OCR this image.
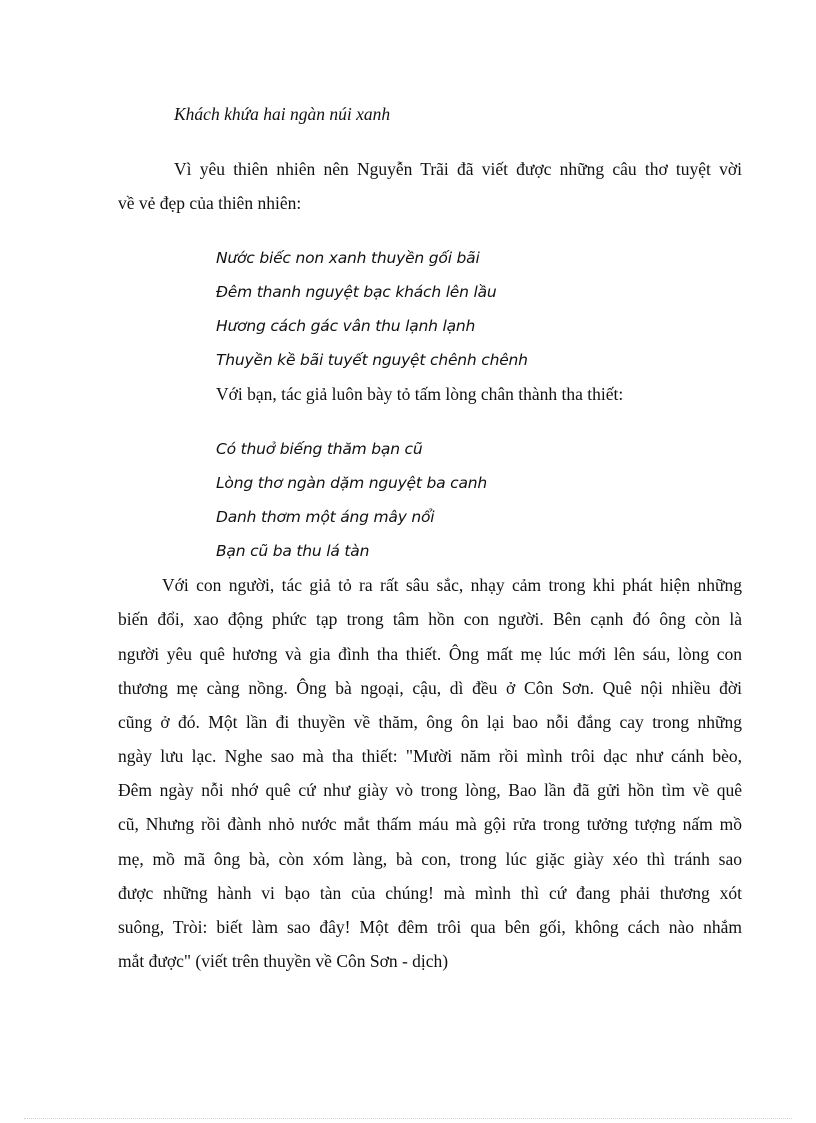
Khách khứa hai ngàn núi xanh
Vì yêu thiên nhiên nên Nguyễn Trãi đã viết được những câu thơ tuyệt vời
về vẻ đẹp của thiên nhiên:
Nước biếc non xanh thuyền gối bãi
Đêm thanh nguyệt bạc khách lên lầu
Hương cách gác vân thu lạnh lạnh
Thuyền kề bãi tuyết nguyệt chênh chênh
Với bạn, tác giả luôn bày tỏ tấm lòng chân thành tha thiết:
Có thuở biếng thăm bạn cũ
Lòng thơ ngàn dặm nguyệt ba canh
Danh thơm một áng mây nổi
Bạn cũ ba thu lá tàn
Với con người, tác giả tỏ ra rất sâu sắc, nhạy cảm trong khi phát hiện những
biến đổi, xao động phức tạp trong tâm hồn con người. Bên cạnh đó ông còn là
người yêu quê hương và gia đình tha thiết. Ông mất mẹ lúc mới lên sáu, lòng con
thương mẹ càng nồng. Ông bà ngoại, cậu, dì đều ở Côn Sơn. Quê nội nhiều đời
cũng ở đó. Một lần đi thuyền về thăm, ông ôn lại bao nỗi đắng cay trong những
ngày lưu lạc. Nghe sao mà tha thiết: "Mười năm rồi mình trôi dạc như cánh bèo,
Đêm ngày nỗi nhớ quê cứ như giày vò trong lòng, Bao lần đã gửi hồn tìm về quê
cũ, Nhưng rồi đành nhỏ nước mắt thấm máu mà gội rửa trong tưởng tượng nấm mồ
mẹ, mồ mã ông bà, còn xóm làng, bà con, trong lúc giặc giày xéo thì tránh sao
được những hành vi bạo tàn của chúng! mà mình thì cứ đang phải thương xót
suông, Tròi: biết làm sao đây! Một đêm trôi qua bên gối, không cách nào nhắm
mắt được" (viết trên thuyền về Côn Sơn - dịch)
